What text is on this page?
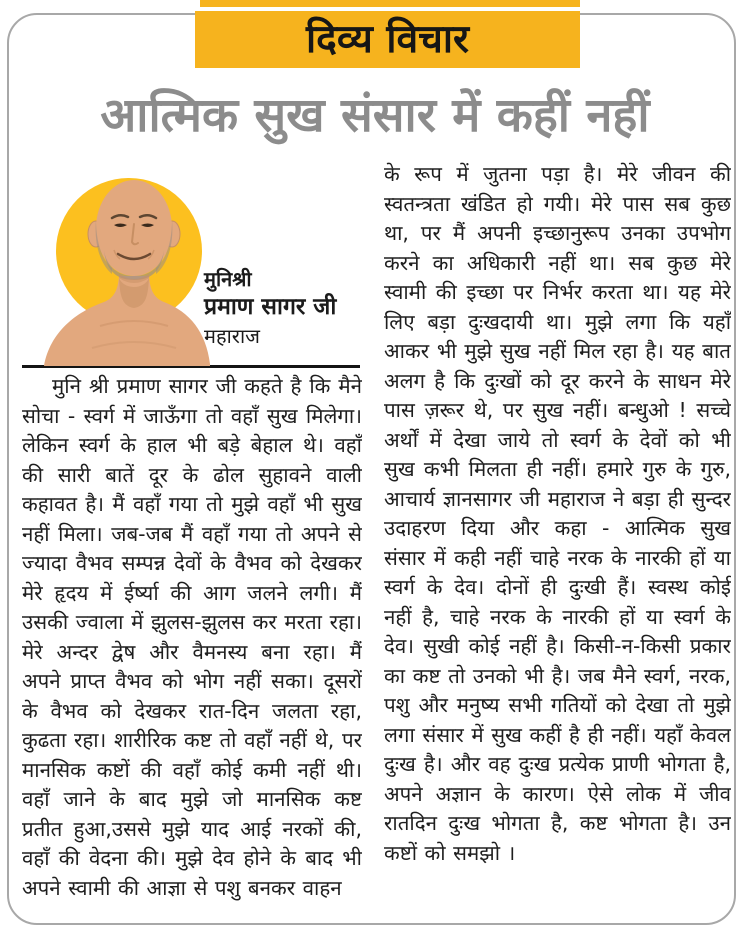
दिव्य विचार
आत्मिक सुख संसार में कहीं नहीं
मुनिश्री
प्रमाण सागर जी
महाराज
मुनि श्री प्रमाण सागर जी कहते है कि मैने सोचा - स्वर्ग में जाऊँगा तो वहाँ सुख मिलेगा। लेकिन स्वर्ग के हाल भी बड़े बेहाल थे। वहाँ की सारी बातें दूर के ढोल सुहावने वाली कहावत है। मैं वहाँ गया तो मुझे वहाँ भी सुख नहीं मिला। जब-जब मैं वहाँ गया तो अपने से ज्यादा वैभव सम्पन्न देवों के वैभव को देखकर मेरे हृदय में ईर्ष्या की आग जलने लगी। मैं उसकी ज्वाला में झुलस-झुलस कर मरता रहा। मेरे अन्दर द्वेष और वैमनस्य बना रहा। मैं अपने प्राप्त वैभव को भोग नहीं सका। दूसरों के वैभव को देखकर रात-दिन जलता रहा, कुढता रहा। शारीरिक कष्ट तो वहाँ नहीं थे, पर मानसिक कष्टों की वहाँ कोई कमी नहीं थी। वहाँ जाने के बाद मुझे जो मानसिक कष्ट प्रतीत हुआ,उससे मुझे याद आई नरकों की, वहाँ की वेदना की। मुझे देव होने के बाद भी अपने स्वामी की आज्ञा से पशु बनकर वाहन
के रूप में जुतना पड़ा है। मेरे जीवन की स्वतन्त्रता खंडित हो गयी। मेरे पास सब कुछ था, पर मैं अपनी इच्छानुरूप उनका उपभोग करने का अधिकारी नहीं था। सब कुछ मेरे स्वामी की इच्छा पर निर्भर करता था। यह मेरे लिए बड़ा दुःखदायी था। मुझे लगा कि यहाँ आकर भी मुझे सुख नहीं मिल रहा है। यह बात अलग है कि दुःखों को दूर करने के साधन मेरे पास ज़रूर थे, पर सुख नहीं। बन्धुओ ! सच्चे अर्थों में देखा जाये तो स्वर्ग के देवों को भी सुख कभी मिलता ही नहीं। हमारे गुरु के गुरु, आचार्य ज्ञानसागर जी महाराज ने बड़ा ही सुन्दर उदाहरण दिया और कहा - आत्मिक सुख संसार में कही नहीं चाहे नरक के नारकी हों या स्वर्ग के देव। दोनों ही दुःखी हैं। स्वस्थ कोई नहीं है, चाहे नरक के नारकी हों या स्वर्ग के देव। सुखी कोई नहीं है। किसी-न-किसी प्रकार का कष्ट तो उनको भी है। जब मैने स्वर्ग, नरक, पशु और मनुष्य सभी गतियों को देखा तो मुझे लगा संसार में सुख कहीं है ही नहीं। यहाँ केवल दुःख है। और वह दुःख प्रत्येक प्राणी भोगता है, अपने अज्ञान के कारण। ऐसे लोक में जीव रातदिन दुःख भोगता है, कष्ट भोगता है। उन कष्टों को समझो ।
